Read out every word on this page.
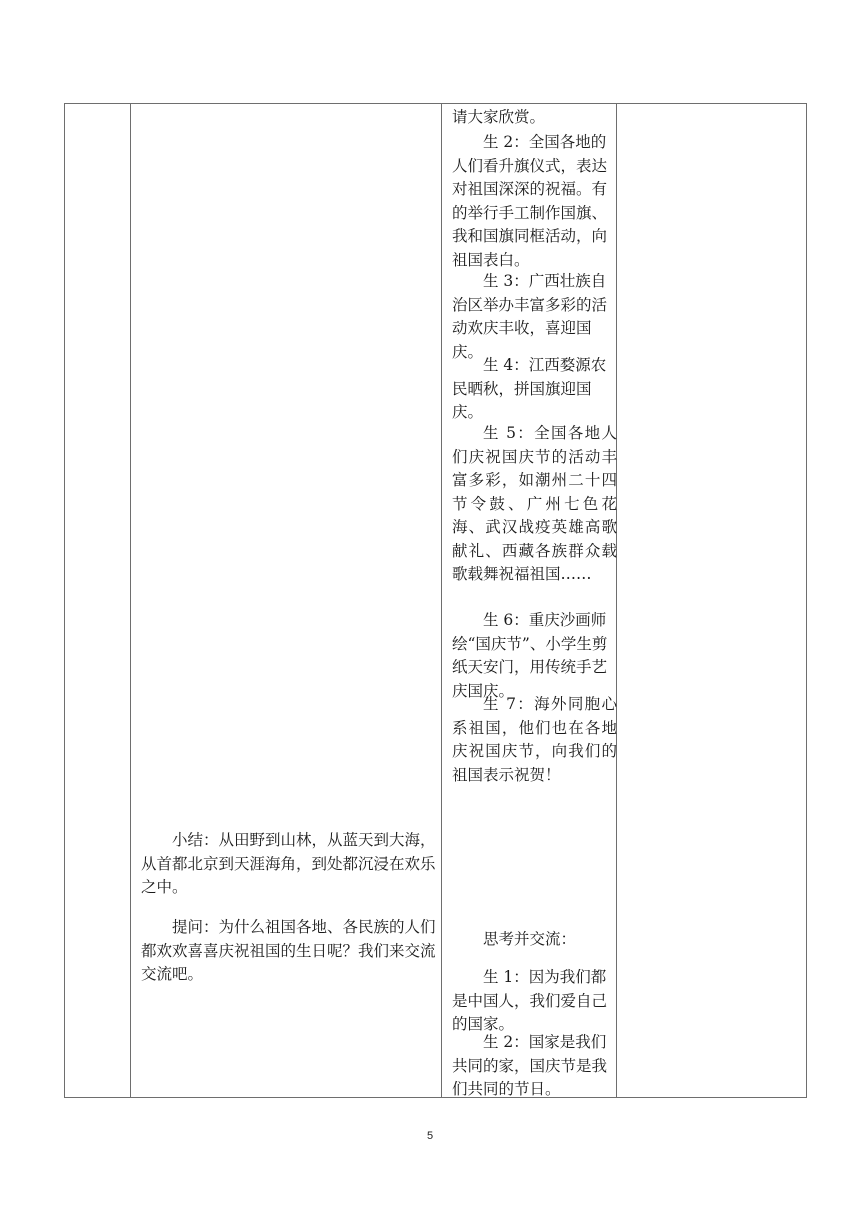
请大家欣赏。

生 2：全国各地的人们看升旗仪式，表达对祖国深深的祝福。有的举行手工制作国旗、我和国旗同框活动，向祖国表白。

生 3：广西壮族自治区举办丰富多彩的活动欢庆丰收，喜迎国庆。

生 4：江西婺源农民晒秋，拼国旗迎国庆。

生 5：全国各地人们庆祝国庆节的活动丰富多彩，如潮州二十四节令鼓、广州七色花海、武汉战疫英雄高歌献礼、西藏各族群众载歌载舞祝福祖国……

生 6：重庆沙画师绘“国庆节”、小学生剪纸天安门，用传统手艺庆国庆。

生 7：海外同胞心系祖国，他们也在各地庆祝国庆节，向我们的祖国表示祝贺！

小结：从田野到山林，从蓝天到大海，从首都北京到天涯海角，到处都沉浸在欢乐之中。

提问：为什么祖国各地、各民族的人们都欢欢喜喜庆祝祖国的生日呢？我们来交流交流吧。

思考并交流：

生 1：因为我们都是中国人，我们爱自己的国家。

生 2：国家是我们共同的家，国庆节是我们共同的节日。

5
